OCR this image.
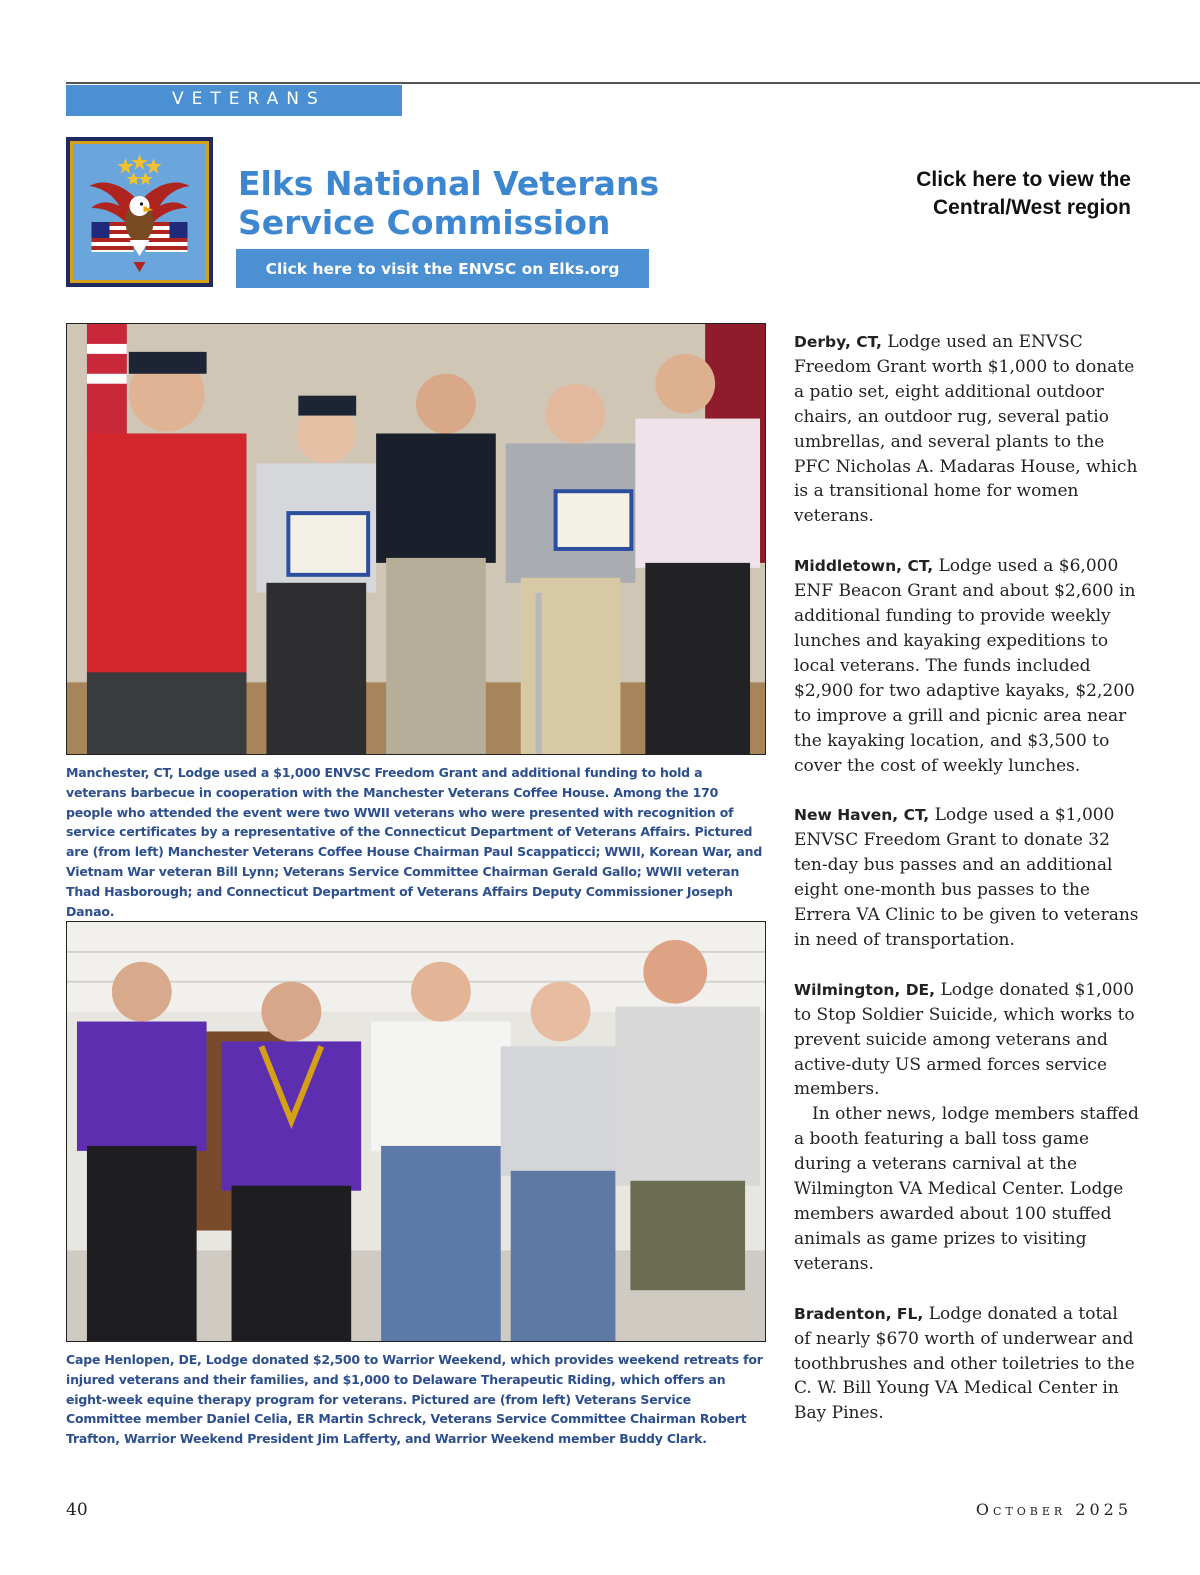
VETERANS
Elks National Veterans
Service Commission
Click here to visit the ENVSC on Elks.org
Click here to view the
Central/West region

Manchester, CT, Lodge used a $1,000 ENVSC Freedom Grant and additional funding to hold a veterans barbecue in cooperation with the Manchester Veterans Coffee House. Among the 170 people who attended the event were two WWII veterans who were presented with recognition of service certificates by a representative of the Connecticut Department of Veterans Affairs. Pictured are (from left) Manchester Veterans Coffee House Chairman Paul Scappaticci; WWII, Korean War, and Vietnam War veteran Bill Lynn; Veterans Service Committee Chairman Gerald Gallo; WWII veteran Thad Hasborough; and Connecticut Department of Veterans Affairs Deputy Commissioner Joseph Danao.

Cape Henlopen, DE, Lodge donated $2,500 to Warrior Weekend, which provides weekend retreats for injured veterans and their families, and $1,000 to Delaware Therapeutic Riding, which offers an eight-week equine therapy program for veterans. Pictured are (from left) Veterans Service Committee member Daniel Celia, ER Martin Schreck, Veterans Service Committee Chairman Robert Trafton, Warrior Weekend President Jim Lafferty, and Warrior Weekend member Buddy Clark.

Derby, CT, Lodge used an ENVSC Freedom Grant worth $1,000 to donate a patio set, eight additional outdoor chairs, an outdoor rug, several patio umbrellas, and several plants to the PFC Nicholas A. Madaras House, which is a transitional home for women veterans.

Middletown, CT, Lodge used a $6,000 ENF Beacon Grant and about $2,600 in additional funding to provide weekly lunches and kayaking expeditions to local veterans. The funds included $2,900 for two adaptive kayaks, $2,200 to improve a grill and picnic area near the kayaking location, and $3,500 to cover the cost of weekly lunches.

New Haven, CT, Lodge used a $1,000 ENVSC Freedom Grant to donate 32 ten-day bus passes and an additional eight one-month bus passes to the Errera VA Clinic to be given to veterans in need of transportation.

Wilmington, DE, Lodge donated $1,000 to Stop Soldier Suicide, which works to prevent suicide among veterans and active-duty US armed forces service members.
In other news, lodge members staffed a booth featuring a ball toss game during a veterans carnival at the Wilmington VA Medical Center. Lodge members awarded about 100 stuffed animals as game prizes to visiting veterans.

Bradenton, FL, Lodge donated a total of nearly $670 worth of underwear and toothbrushes and other toiletries to the C. W. Bill Young VA Medical Center in Bay Pines.

40	October 2025
